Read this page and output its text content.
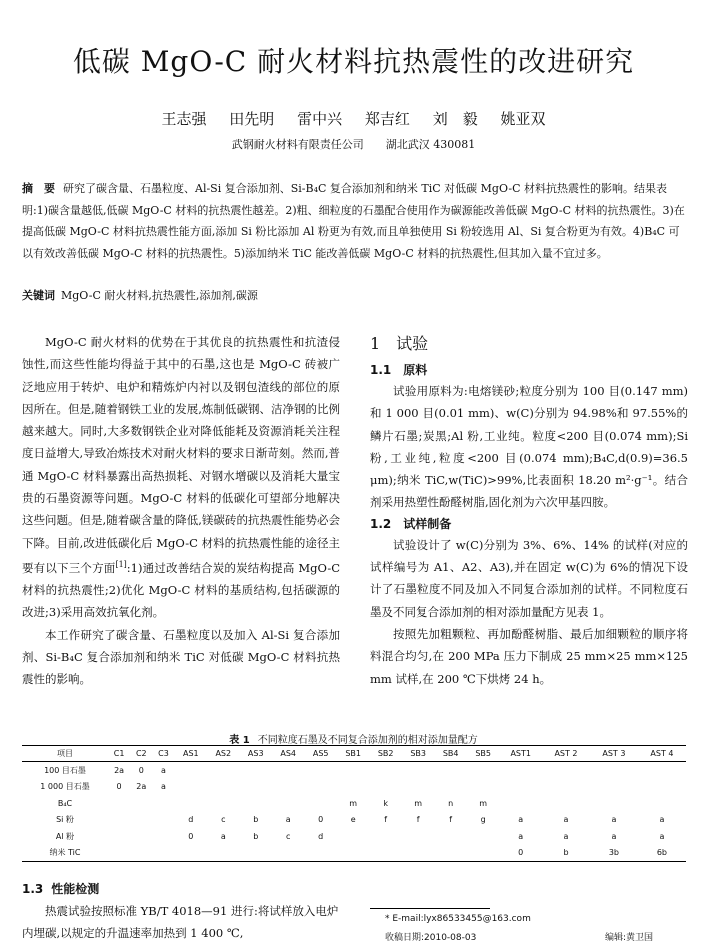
低碳 MgO-C 耐火材料抗热震性的改进研究
王志强 田先明 雷中兴 郑吉红 刘　毅 姚亚双
武钢耐火材料有限责任公司　　湖北武汉 430081

摘　要 研究了碳含量、石墨粒度、Al-Si 复合添加剂、Si-B₄C 复合添加剂和纳米 TiC 对低碳 MgO-C 材料抗热震性的影响。结果表明:1)碳含量越低,低碳 MgO-C 材料的抗热震性越差。2)粗、细粒度的石墨配合使用作为碳源能改善低碳 MgO-C 材料的抗热震性。3)在提高低碳 MgO-C 材料抗热震性能方面,添加 Si 粉比添加 Al 粉更为有效,而且单独使用 Si 粉较选用 Al、Si 复合粉更为有效。4)B₄C 可以有效改善低碳 MgO-C 材料的抗热震性。5)添加纳米 TiC 能改善低碳 MgO-C 材料的抗热震性,但其加入量不宜过多。

关键词 MgO-C 耐火材料,抗热震性,添加剂,碳源

MgO-C 耐火材料的优势在于其优良的抗热震性和抗渣侵蚀性,而这些性能均得益于其中的石墨,这也是 MgO-C 砖被广泛地应用于转炉、电炉和精炼炉内衬以及钢包渣线的部位的原因所在。但是,随着钢铁工业的发展,炼制低碳钢、洁净钢的比例越来越大。同时,大多数钢铁企业对降低能耗及资源消耗关注程度日益增大,导致冶炼技术对耐火材料的要求日渐苛刻。然而,普通 MgO-C 材料暴露出高热损耗、对钢水增碳以及消耗大量宝贵的石墨资源等问题。MgO-C 材料的低碳化可望部分地解决这些问题。但是,随着碳含量的降低,镁碳砖的抗热震性能势必会下降。目前,改进低碳化后 MgO-C 材料的抗热震性能的途径主要有以下三个方面[1]:1)通过改善结合炭的炭结构提高 MgO-C 材料的抗热震性;2)优化 MgO-C 材料的基质结构,包括碳源的改进;3)采用高效抗氧化剂。

本工作研究了碳含量、石墨粒度以及加入 Al-Si 复合添加剂、Si-B₄C 复合添加剂和纳米 TiC 对低碳 MgO-C 材料抗热震性的影响。

1　试验
1.1　原料

试验用原料为:电熔镁砂;粒度分别为 100 目(0.147 mm)和 1 000 目(0.01 mm)、w(C)分别为 94.98%和 97.55%的鳞片石墨;炭黑;Al 粉,工业纯。粒度<200 目(0.074 mm);Si 粉,工业纯,粒度<200 目(0.074 mm);B₄C,d(0.9)=36.5 μm);纳米 TiC,w(TiC)>99%,比表面积 18.20 m²·g⁻¹。结合剂采用热塑性酚醛树脂,固化剂为六次甲基四胺。

1.2　试样制备

试验设计了 w(C)分别为 3%、6%、14% 的试样(对应的试样编号为 A1、A2、A3),并在固定 w(C)为 6%的情况下设计了石墨粒度不同及加入不同复合添加剂的试样。不同粒度石墨及不同复合添加剂的相对添加量配方见表 1。

按照先加粗颗粒、再加酚醛树脂、最后加细颗粒的顺序将料混合均匀,在 200 MPa 压力下制成 25 mm×25 mm×125 mm 试样,在 200 ℃下烘烤 24 h。

表 1 不同粒度石墨及不同复合添加剂的相对添加量配方
项目	C1	C2	C3	AS1	AS2	AS3	AS4	AS5	SB1	SB2	SB3	SB4	SB5	AST1	AST 2	AST 3	AST 4
100 目石墨	2a	0	a														
1 000 目石墨	0	2a	a														
B₄C									m	k	m	n	m				
Si 粉				d	c	b	a	0	e	f	f	f	g	a	a	a	a
Al 粉				0	a	b	c	d						a	a	a	a
纳米 TiC														0	b	3b	6b
1.3 性能检测

热震试验按照标准 YB/T 4018—91 进行:将试样放入电炉内埋碳,以规定的升温速率加热到 1 400 ℃,

* E-mail:lyx86533455@163.com
收稿日期:2010-08-03	编辑:黄卫国
